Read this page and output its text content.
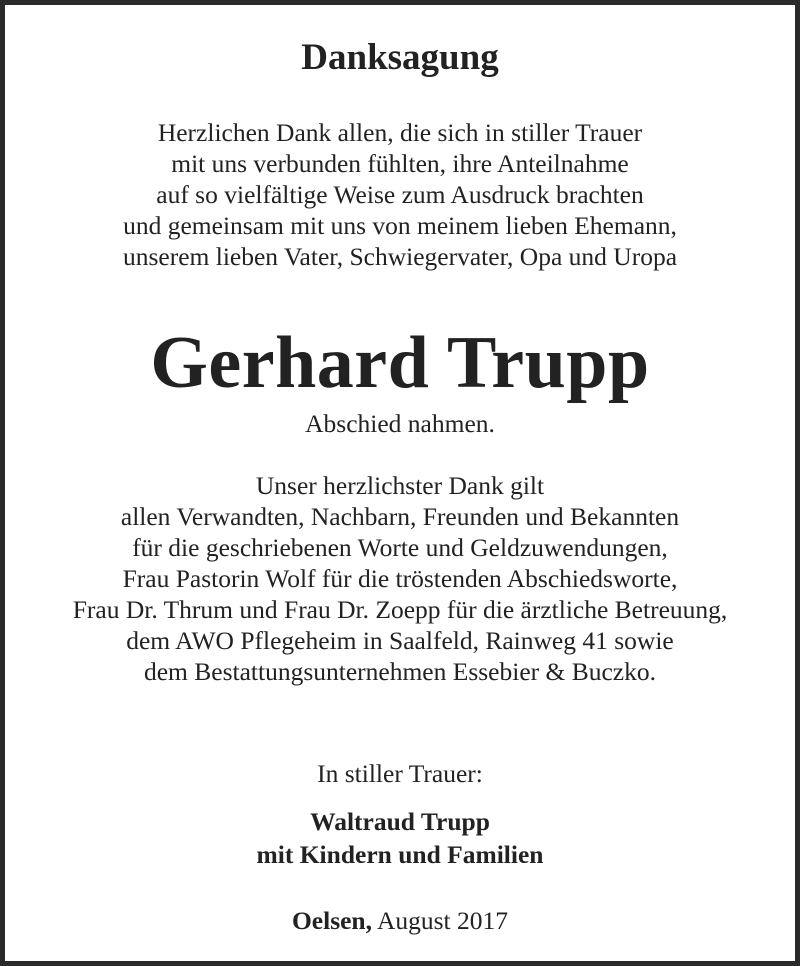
Danksagung
Herzlichen Dank allen, die sich in stiller Trauer
mit uns verbunden fühlten, ihre Anteilnahme
auf so vielfältige Weise zum Ausdruck brachten
und gemeinsam mit uns von meinem lieben Ehemann,
unserem lieben Vater, Schwiegervater, Opa und Uropa
Gerhard Trupp
Abschied nahmen.
Unser herzlichster Dank gilt
allen Verwandten, Nachbarn, Freunden und Bekannten
für die geschriebenen Worte und Geldzuwendungen,
Frau Pastorin Wolf für die tröstenden Abschiedsworte,
Frau Dr. Thrum und Frau Dr. Zoepp für die ärztliche Betreuung,
dem AWO Pflegeheim in Saalfeld, Rainweg 41 sowie
dem Bestattungsunternehmen Essebier & Buczko.
In stiller Trauer:
Waltraud Trupp
mit Kindern und Familien
Oelsen, August 2017
